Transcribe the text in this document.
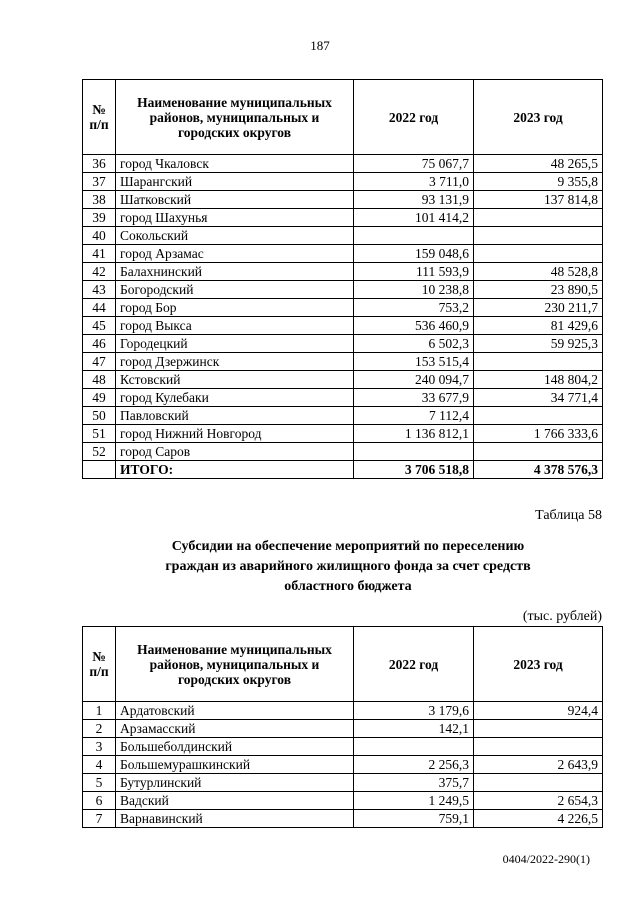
187
№ п/п	Наименование муниципальных районов, муниципальных и городских округов	2022 год	2023 год
36	город Чкаловск	75 067,7	48 265,5
37	Шарангский	3 711,0	9 355,8
38	Шатковский	93 131,9	137 814,8
39	город Шахунья	101 414,2	
40	Сокольский		
41	город Арзамас	159 048,6	
42	Балахнинский	111 593,9	48 528,8
43	Богородский	10 238,8	23 890,5
44	город Бор	753,2	230 211,7
45	город Выкса	536 460,9	81 429,6
46	Городецкий	6 502,3	59 925,3
47	город Дзержинск	153 515,4	
48	Кстовский	240 094,7	148 804,2
49	город Кулебаки	33 677,9	34 771,4
50	Павловский	7 112,4	
51	город Нижний Новгород	1 136 812,1	1 766 333,6
52	город Саров		
	ИТОГО:	3 706 518,8	4 378 576,3
Таблица 58
Субсидии на обеспечение мероприятий по переселению
граждан из аварийного жилищного фонда за счет средств
областного бюджета
(тыс. рублей)
№ п/п	Наименование муниципальных районов, муниципальных и городских округов	2022 год	2023 год
1	Ардатовский	3 179,6	924,4
2	Арзамасский	142,1	
3	Большеболдинский		
4	Большемурашкинский	2 256,3	2 643,9
5	Бутурлинский	375,7	
6	Вадский	1 249,5	2 654,3
7	Варнавинский	759,1	4 226,5
0404/2022-290(1)
